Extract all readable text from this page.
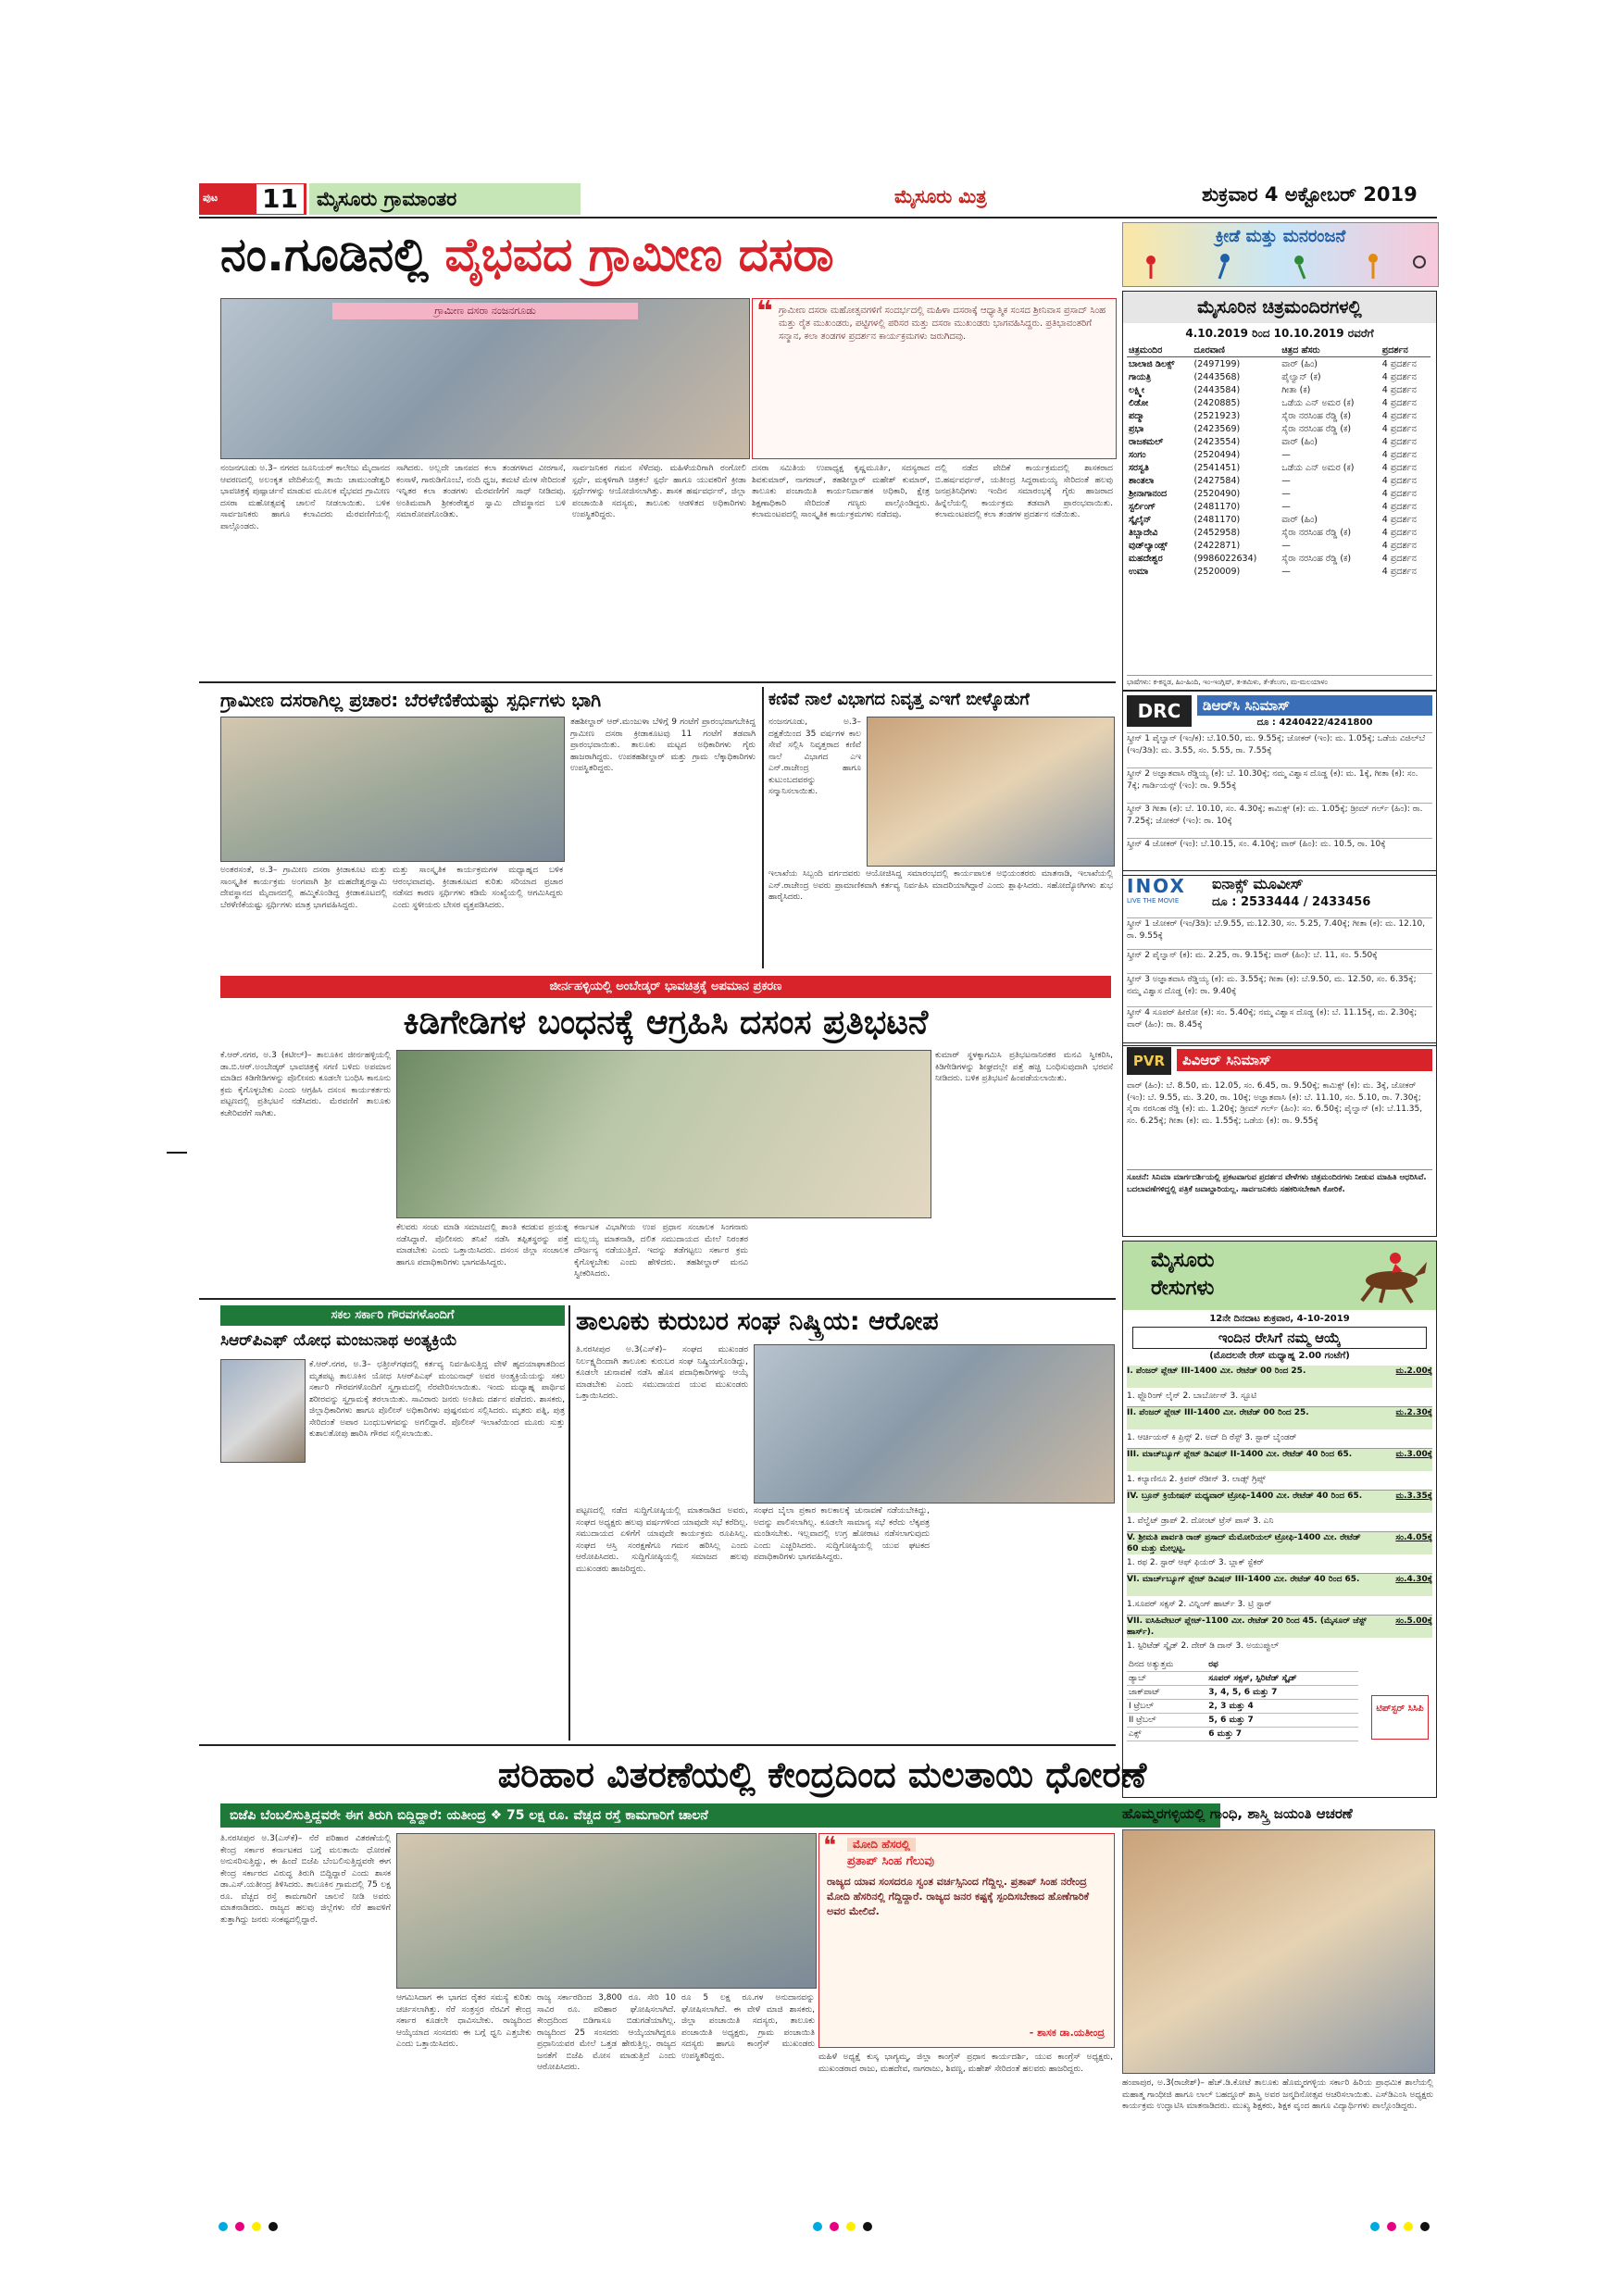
ಪುಟ 11 ಮೈಸೂರು ಗ್ರಾಮಾಂತರ	ಮೈಸೂರು ಮಿತ್ರ	ಶುಕ್ರವಾರ 4 ಅಕ್ಟೋಬರ್ 2019
ನಂ.ಗೂಡಿನಲ್ಲಿ ವೈಭವದ ಗ್ರಾಮೀಣ ದಸರಾ	ಕ್ರೀಡೆ ಮತ್ತು ಮನರಂಜನೆ
ಗ್ರಾಮೀಣ ದಸರಾ ನಂಜನಗೂಡು	❝ ಗ್ರಾಮೀಣ ದಸರಾ ಮಹೋತ್ಸವಗಳಿಗೆ ಸಂದರ್ಭದಲ್ಲಿ ಮಹಿಳಾ ದಸರಾಕ್ಕೆ ಆಧ್ಯಾತ್ಮಿಕ ಸಂಸದ ಶ್ರೀನಿವಾಸ ಪ್ರಸಾದ್ ಸಿಂಹ ಮತ್ತು ರೈತ ಮುಖಂಡರು, ಪಟ್ಟಿಗಳಲ್ಲಿ ಪರಿಸರ ಮತ್ತು ದಸರಾ ಮುಖಂಡರು ಭಾಗವಹಿಸಿದ್ದರು. ಪ್ರತಿಭಾವಂತರಿಗೆ ಸನ್ಮಾನ, ಕಲಾ ತಂಡಗಳ ಪ್ರದರ್ಶನ ಕಾರ್ಯಕ್ರಮಗಳು ಜರುಗಿದವು.
ನಂಜನಗೂಡು ಅ.3– ನಗರದ ಜೂನಿಯರ್ ಕಾಲೇಜು ಮೈದಾನದ ಆವರಣದಲ್ಲಿ ಅಲಂಕೃತ ವೇದಿಕೆಯಲ್ಲಿ ತಾಯಿ ಚಾಮುಂಡೇಶ್ವರಿ ಭಾವಚಿತ್ರಕ್ಕೆ ಪುಷ್ಪಾರ್ಚನೆ ಮಾಡುವ ಮೂಲಕ ವೈಭವದ ಗ್ರಾಮೀಣ ದಸರಾ ಮಹೋತ್ಸವಕ್ಕೆ ಚಾಲನೆ ನೀಡಲಾಯಿತು. ಬಳಿಕ ಸಾರ್ವಜನಿಕರು ಹಾಗೂ ಕಲಾವಿದರು ಮೆರವಣಿಗೆಯಲ್ಲಿ ಪಾಲ್ಗೊಂಡರು.
ಸಾಗಿದರು. ಅಲ್ಲದೇ ಜಾನಪದ ಕಲಾ ತಂಡಗಳಾದ ವೀರಗಾಸೆ, ಕಂಸಾಳೆ, ಗಾರುಡಿಗೊಂಬೆ, ನಂದಿ ಧ್ವಜ, ತಮಟೆ ಮೇಳ ಸೇರಿದಂತೆ ಇನ್ನಿತರ ಕಲಾ ತಂಡಗಳು ಮೆರವಣಿಗೆಗೆ ಸಾಥ್ ನೀಡಿದವು. ಅಂತಿಮವಾಗಿ ಶ್ರೀಕಂಠೇಶ್ವರ ಸ್ವಾಮಿ ದೇವಸ್ಥಾನದ ಬಳಿ ಸಮಾರೋಪಗೊಂಡಿತು.
ಸಾರ್ವಜನಿಕರ ಗಮನ ಸೆಳೆದವು. ಮಹಿಳೆಯರಿಗಾಗಿ ರಂಗೋಲಿ ಸ್ಪರ್ಧೆ, ಮಕ್ಕಳಿಗಾಗಿ ಚಿತ್ರಕಲೆ ಸ್ಪರ್ಧೆ ಹಾಗೂ ಯುವಕರಿಗೆ ಕ್ರೀಡಾ ಸ್ಪರ್ಧೆಗಳನ್ನು ಆಯೋಜಿಸಲಾಗಿತ್ತು. ಶಾಸಕ ಹರ್ಷವರ್ಧನ್, ಜಿಲ್ಲಾ ಪಂಚಾಯಿತಿ ಸದಸ್ಯರು, ತಾಲೂಕು ಆಡಳಿತದ ಅಧಿಕಾರಿಗಳು ಉಪಸ್ಥಿತರಿದ್ದರು.
ದಸರಾ ಸಮಿತಿಯ ಉಪಾಧ್ಯಕ್ಷ ಕೃಷ್ಣಮೂರ್ತಿ, ಸದಸ್ಯರಾದ ಶಿವಕುಮಾರ್, ನಾಗರಾಜ್, ತಹಶೀಲ್ದಾರ್ ಮಹೇಶ್ ಕುಮಾರ್, ತಾಲೂಕು ಪಂಚಾಯಿತಿ ಕಾರ್ಯನಿರ್ವಾಹಕ ಅಧಿಕಾರಿ, ಕ್ಷೇತ್ರ ಶಿಕ್ಷಣಾಧಿಕಾರಿ ಸೇರಿದಂತೆ ಗಣ್ಯರು ಪಾಲ್ಗೊಂಡಿದ್ದರು. ಕಲಾಮಂಟಪದಲ್ಲಿ ಸಾಂಸ್ಕೃತಿಕ ಕಾರ್ಯಕ್ರಮಗಳು ನಡೆದವು.
ದಲ್ಲಿ ನಡೆದ ವೇದಿಕೆ ಕಾರ್ಯಕ್ರಮದಲ್ಲಿ ಶಾಸಕರಾದ ಬಿ.ಹರ್ಷವರ್ಧನ್, ಯತೀಂದ್ರ ಸಿದ್ದರಾಮಯ್ಯ ಸೇರಿದಂತೆ ಹಲವು ಜನಪ್ರತಿನಿಧಿಗಳು ಇಂದಿನ ಸಮಾರಂಭಕ್ಕೆ ಗೈರು ಹಾಜರಾದ ಹಿನ್ನೆಲೆಯಲ್ಲಿ ಕಾರ್ಯಕ್ರಮ ತಡವಾಗಿ ಪ್ರಾರಂಭವಾಯಿತು. ಕಲಾಮಂಟಪದಲ್ಲಿ ಕಲಾ ತಂಡಗಳ ಪ್ರದರ್ಶನ ನಡೆಯಿತು.
ಮೈಸೂರಿನ ಚಿತ್ರಮಂದಿರಗಳಲ್ಲಿ
4.10.2019 ರಿಂದ 10.10.2019 ರವರೆಗೆ
ಚಿತ್ರಮಂದಿರ	ದೂರವಾಣಿ	ಚಿತ್ರದ ಹೆಸರು	ಪ್ರದರ್ಶನ
ಬಾಲಾಜಿ ಡಿಲಕ್ಸ್	(2497199)	ವಾರ್ (ಹಿಂ)	4 ಪ್ರದರ್ಶನ
ಗಾಯತ್ರಿ	(2443568)	ಪೈಲ್ವಾನ್ (ಕ)	4 ಪ್ರದರ್ಶನ
ಲಕ್ಷ್ಮೀ	(2443584)	ಗೀತಾ (ಕ)	4 ಪ್ರದರ್ಶನ
ಲಿಡೋ	(2420885)	ಒಡೆಯ ಎನ್ ಅಮರ (ಕ)	4 ಪ್ರದರ್ಶನ
ಪದ್ಮಾ	(2521923)	ಸೈರಾ ನರಸಿಂಹ ರೆಡ್ಡಿ (ಕ)	4 ಪ್ರದರ್ಶನ
ಪ್ರಭಾ	(2423569)	ಸೈರಾ ನರಸಿಂಹ ರೆಡ್ಡಿ (ಕ)	4 ಪ್ರದರ್ಶನ
ರಾಜಕಮಲ್	(2423554)	ವಾರ್ (ಹಿಂ)	4 ಪ್ರದರ್ಶನ
ಸಂಗಂ	(2520494)	—	4 ಪ್ರದರ್ಶನ
ಸರಸ್ವತಿ	(2541451)	ಒಡೆಯ ಎನ್ ಅಮರ (ಕ)	4 ಪ್ರದರ್ಶನ
ಶಾಂತಲಾ	(2427584)	—	4 ಪ್ರದರ್ಶನ
ಶ್ರೀನಾಗಾನಂದ	(2520490)	—	4 ಪ್ರದರ್ಶನ
ಸ್ಟರ್ಲಿಂಗ್	(2481170)	—	4 ಪ್ರದರ್ಶನ
ಸ್ಕೈಲೈನ್	(2481170)	ವಾರ್ (ಹಿಂ)	4 ಪ್ರದರ್ಶನ
ತಿಬ್ಬಾದೇವಿ	(2452958)	ಸೈರಾ ನರಸಿಂಹ ರೆಡ್ಡಿ (ಕ)	4 ಪ್ರದರ್ಶನ
ವುಡ್‌ಲ್ಯಾಂಡ್ಸ್	(2422871)	—	4 ಪ್ರದರ್ಶನ
ಮಹದೇಶ್ವರ	(9986022634)	ಸೈರಾ ನರಸಿಂಹ ರೆಡ್ಡಿ (ಕ)	4 ಪ್ರದರ್ಶನ
ಉಮಾ	(2520009)	—	4 ಪ್ರದರ್ಶನ
ಭಾಷೆಗಳು: ಕ-ಕನ್ನಡ, ಹಿಂ-ಹಿಂದಿ, ಇಂ-ಇಂಗ್ಲಿಷ್, ತ-ತಮಿಳು, ತೆ-ತೆಲುಗು, ಮ-ಮಲಯಾಳಂ
ಗ್ರಾಮೀಣ ದಸರಾಗಿಲ್ಲ ಪ್ರಚಾರ: ಬೆರಳೆಣಿಕೆಯಷ್ಟು ಸ್ಪರ್ಧಿಗಳು ಭಾಗಿ
ತಹಶೀಲ್ದಾರ್ ಆರ್.ಮಂಜುಳಾ ಬೆಳಿಗ್ಗೆ 9 ಗಂಟೆಗೆ ಪ್ರಾರಂಭವಾಗಬೇಕಿದ್ದ ಗ್ರಾಮೀಣ ದಸರಾ ಕ್ರೀಡಾಕೂಟವು 11 ಗಂಟೆಗೆ ತಡವಾಗಿ ಪ್ರಾರಂಭವಾಯಿತು. ತಾಲೂಕು ಮಟ್ಟದ ಅಧಿಕಾರಿಗಳು ಗೈರು ಹಾಜರಾಗಿದ್ದರು. ಉಪತಹಶೀಲ್ದಾರ್ ಮತ್ತು ಗ್ರಾಮ ಲೆಕ್ಕಾಧಿಕಾರಿಗಳು ಉಪಸ್ಥಿತರಿದ್ದರು.
ಅಂತರಸಂತೆ, ಅ.3– ಗ್ರಾಮೀಣ ದಸರಾ ಕ್ರೀಡಾಕೂಟ ಮತ್ತು ಸಾಂಸ್ಕೃತಿಕ ಕಾರ್ಯಕ್ರಮ ಅಂಗವಾಗಿ ಶ್ರೀ ಮಹದೇಶ್ವರಸ್ವಾಮಿ ದೇವಸ್ಥಾನದ ಮೈದಾನದಲ್ಲಿ ಹಮ್ಮಿಕೊಂಡಿದ್ದ ಕ್ರೀಡಾಕೂಟದಲ್ಲಿ ಬೆರಳೆಣಿಕೆಯಷ್ಟು ಸ್ಪರ್ಧಿಗಳು ಮಾತ್ರ ಭಾಗವಹಿಸಿದ್ದರು.
ಮತ್ತು ಸಾಂಸ್ಕೃತಿಕ ಕಾರ್ಯಕ್ರಮಗಳ ಮಧ್ಯಾಹ್ನದ ಬಳಿಕ ಆರಂಭವಾದವು. ಕ್ರೀಡಾಕೂಟದ ಕುರಿತು ಸರಿಯಾದ ಪ್ರಚಾರ ನಡೆಸದ ಕಾರಣ ಸ್ಪರ್ಧಿಗಳು ಕಡಿಮೆ ಸಂಖ್ಯೆಯಲ್ಲಿ ಆಗಮಿಸಿದ್ದರು ಎಂದು ಸ್ಥಳೀಯರು ಬೇಸರ ವ್ಯಕ್ತಪಡಿಸಿದರು.
ಕಣಿವೆ ನಾಲೆ ವಿಭಾಗದ ನಿವೃತ್ತ ಎಇಗೆ ಬೀಳ್ಕೊಡುಗೆ
ನಂಜನಗೂಡು, ಅ.3– ದಕ್ಷತೆಯಿಂದ 35 ವರ್ಷಗಳ ಕಾಲ ಸೇವೆ ಸಲ್ಲಿಸಿ ನಿವೃತ್ತರಾದ ಕಣಿವೆ ನಾಲೆ ವಿಭಾಗದ ಎಇ ಎನ್.ರಾಜೇಂದ್ರ ಹಾಗೂ ಕುಟುಂಬದವರನ್ನು ಸನ್ಮಾನಿಸಲಾಯಿತು.
ಇಲಾಖೆಯ ಸಿಬ್ಬಂದಿ ವರ್ಗದವರು ಆಯೋಜಿಸಿದ್ದ ಸಮಾರಂಭದಲ್ಲಿ ಕಾರ್ಯಪಾಲಕ ಅಭಿಯಂತರರು ಮಾತನಾಡಿ, ಇಲಾಖೆಯಲ್ಲಿ ಎನ್.ರಾಜೇಂದ್ರ ಅವರು ಪ್ರಾಮಾಣಿಕವಾಗಿ ಕರ್ತವ್ಯ ನಿರ್ವಹಿಸಿ ಮಾದರಿಯಾಗಿದ್ದಾರೆ ಎಂದು ಶ್ಲಾಘಿಸಿದರು. ಸಹೋದ್ಯೋಗಿಗಳು ಶುಭ ಹಾರೈಸಿದರು.
DRC	ಡಿಆರ್‌ಸಿ ಸಿನಿಮಾಸ್
ದೂ : 4240422/4241800
ಸ್ಕ್ರೀನ್ 1 ಪೈಲ್ವಾನ್ (ಇಂ/ಕ): ಬೆ.10.50, ಮ. 9.55ಕ್ಕೆ; ಜೋಕರ್ (ಇಂ): ಮ. 1.05ಕ್ಕೆ; ಒಡೆಯ ವಿಜಿಲ್‌ಬೆ (ಇಂ/3ಡಿ): ಮ. 3.55, ಸಂ. 5.55, ರಾ. 7.55ಕ್ಕೆ
ಸ್ಕ್ರೀನ್ 2 ಅಜ್ಞಾತವಾಸಿ ರೆಡ್ಡಿಯ್ಯ (ಕ): ಬೆ. 10.30ಕ್ಕೆ; ನಮ್ಮ ವಿಶ್ವಾಸ ದೊಡ್ಡ (ಕ): ಮ. 1ಕ್ಕೆ, ಗೀತಾ (ಕ): ಸಂ. 7ಕ್ಕೆ; ಗಾರ್ಡಿಯನ್ಸ್ (ಇಂ): ರಾ. 9.55ಕ್ಕೆ
ಸ್ಕ್ರೀನ್ 3 ಗೀತಾ (ಕ): ಬೆ. 10.10, ಸಂ. 4.30ಕ್ಕೆ; ಕಾಮಿಕ್ಸ್ (ಕ): ಮ. 1.05ಕ್ಕೆ; ಡ್ರೀಮ್ ಗರ್ಲ್ (ಹಿಂ): ರಾ. 7.25ಕ್ಕೆ; ಜೋಕರ್ (ಇಂ): ರಾ. 10ಕ್ಕೆ
ಸ್ಕ್ರೀನ್ 4 ಜೋಕರ್ (ಇಂ): ಬೆ.10.15, ಸಂ. 4.10ಕ್ಕೆ; ವಾರ್ (ಹಿಂ): ಮ. 10.5, ರಾ. 10ಕ್ಕೆ
INOX
LIVE THE MOVIE
ಐನಾಕ್ಸ್ ಮೂವೀಸ್
ದೂ : 2533444 / 2433456
ಸ್ಕ್ರೀನ್ 1 ಜೋಕರ್ (ಇಂ/3ಡಿ): ಬೆ.9.55, ಮ.12.30, ಸಂ. 5.25, 7.40ಕ್ಕೆ; ಗೀತಾ (ಕ): ಮ. 12.10, ರಾ. 9.55ಕ್ಕೆ
ಸ್ಕ್ರೀನ್ 2 ಪೈಲ್ವಾನ್ (ಕ): ಮ. 2.25, ರಾ. 9.15ಕ್ಕೆ; ವಾರ್ (ಹಿಂ): ಬೆ. 11, ಸಂ. 5.50ಕ್ಕೆ
ಸ್ಕ್ರೀನ್ 3 ಅಜ್ಞಾತವಾಸಿ ರೆಡ್ಡಿಯ್ಯ (ಕ): ಮ. 3.55ಕ್ಕೆ; ಗೀತಾ (ಕ): ಬೆ.9.50, ಮ. 12.50, ಸಂ. 6.35ಕ್ಕೆ; ನಮ್ಮ ವಿಶ್ವಾಸ ದೊಡ್ಡ (ಕ): ರಾ. 9.40ಕ್ಕೆ
ಸ್ಕ್ರೀನ್ 4 ಸೂಪರ್ ಹೀರೋ (ಕ): ಸಂ. 5.40ಕ್ಕೆ; ನಮ್ಮ ವಿಶ್ವಾಸ ದೊಡ್ಡ (ಕ): ಬೆ. 11.15ಕ್ಕೆ, ಮ. 2.30ಕ್ಕೆ; ವಾರ್ (ಹಿಂ): ರಾ. 8.45ಕ್ಕೆ
ಜೀರ್ನಹಳ್ಳಿಯಲ್ಲಿ ಅಂಬೇಡ್ಕರ್ ಭಾವಚಿತ್ರಕ್ಕೆ ಅಪಮಾನ ಪ್ರಕರಣ
ಕಿಡಿಗೇಡಿಗಳ ಬಂಧನಕ್ಕೆ ಆಗ್ರಹಿಸಿ ದಸಂಸ ಪ್ರತಿಭಟನೆ
ಕೆ.ಆರ್.ನಗರ, ಅ.3 (ಕಟೀಲ್)– ತಾಲೂಕಿನ ಜೀರ್ನಹಳ್ಳಿಯಲ್ಲಿ ಡಾ.ಬಿ.ಆರ್.ಅಂಬೇಡ್ಕರ್ ಭಾವಚಿತ್ರಕ್ಕೆ ಸಗಣಿ ಬಳಿದು ಅಪಮಾನ ಮಾಡಿದ ಕಿಡಿಗೇಡಿಗಳನ್ನು ಪೊಲೀಸರು ಕೂಡಲೇ ಬಂಧಿಸಿ ಕಾನೂನು ಕ್ರಮ ಕೈಗೊಳ್ಳಬೇಕು ಎಂದು ಆಗ್ರಹಿಸಿ ದಸಂಸ ಕಾರ್ಯಕರ್ತರು ಪಟ್ಟಣದಲ್ಲಿ ಪ್ರತಿಭಟನೆ ನಡೆಸಿದರು. ಮೆರವಣಿಗೆ ತಾಲೂಕು ಕಚೇರಿವರೆಗೆ ಸಾಗಿತು.
ಕೆಲವರು ಸಂಚು ಮಾಡಿ ಸಮಾಜದಲ್ಲಿ ಶಾಂತಿ ಕದಡುವ ಪ್ರಯತ್ನ ನಡೆಸಿದ್ದಾರೆ. ಪೊಲೀಸರು ತನಿಖೆ ನಡೆಸಿ ತಪ್ಪಿತಸ್ಥರನ್ನು ಪತ್ತೆ ಮಾಡಬೇಕು ಎಂದು ಒತ್ತಾಯಿಸಿದರು. ದಸಂಸ ಜಿಲ್ಲಾ ಸಂಚಾಲಕ ಹಾಗೂ ಪದಾಧಿಕಾರಿಗಳು ಭಾಗವಹಿಸಿದ್ದರು.
ಕರ್ನಾಟಕ ವಿಭಾಗೀಯ ಉಪ ಪ್ರಧಾನ ಸಂಚಾಲಕ ಸಿಂಗನಾರು ಮಲ್ಲಯ್ಯ ಮಾತನಾಡಿ, ದಲಿತ ಸಮುದಾಯದ ಮೇಲೆ ನಿರಂತರ ದೌರ್ಜನ್ಯ ನಡೆಯುತ್ತಿದೆ. ಇದನ್ನು ತಡೆಗಟ್ಟಲು ಸರ್ಕಾರ ಕ್ರಮ ಕೈಗೊಳ್ಳಬೇಕು ಎಂದು ಹೇಳಿದರು. ತಹಶೀಲ್ದಾರ್ ಮನವಿ ಸ್ವೀಕರಿಸಿದರು.
ಕುಮಾರ್ ಸ್ಥಳಕ್ಕಾಗಮಿಸಿ ಪ್ರತಿಭಟನಾನಿರತರ ಮನವಿ ಸ್ವೀಕರಿಸಿ, ಕಿಡಿಗೇಡಿಗಳನ್ನು ಶೀಘ್ರದಲ್ಲೇ ಪತ್ತೆ ಹಚ್ಚಿ ಬಂಧಿಸುವುದಾಗಿ ಭರವಸೆ ನೀಡಿದರು. ಬಳಿಕ ಪ್ರತಿಭಟನೆ ಹಿಂಪಡೆಯಲಾಯಿತು.
PVR	ಪಿವಿಆರ್ ಸಿನಿಮಾಸ್
ವಾರ್ (ಹಿಂ): ಬೆ. 8.50, ಮ. 12.05, ಸಂ. 6.45, ರಾ. 9.50ಕ್ಕೆ; ಕಾಮಿಕ್ಸ್ (ಕ): ಮ. 3ಕ್ಕೆ, ಜೋಕರ್ (ಇಂ): ಬೆ. 9.55, ಮ. 3.20, ರಾ. 10ಕ್ಕೆ; ಅಜ್ಞಾತವಾಸಿ (ಕ): ಬೆ. 11.10, ಸಂ. 5.10, ರಾ. 7.30ಕ್ಕೆ; ಸೈರಾ ನರಸಿಂಹ ರೆಡ್ಡಿ (ಕ): ಮ. 1.20ಕ್ಕೆ; ಡ್ರೀಮ್ ಗರ್ಲ್ (ಹಿಂ): ಸಂ. 6.50ಕ್ಕೆ; ಪೈಲ್ವಾನ್ (ಕ): ಬೆ.11.35, ಸಂ. 6.25ಕ್ಕೆ; ಗೀತಾ (ಕ): ಮ. 1.55ಕ್ಕೆ; ಒಡೆಯ (ಕ): ರಾ. 9.55ಕ್ಕೆ
ಸೂಚನೆ: ಸಿನಿಮಾ ಮಾರ್ಗದರ್ಶಿಯಲ್ಲಿ ಪ್ರಕಟವಾಗುವ ಪ್ರದರ್ಶನ ವೇಳೆಗಳು ಚಿತ್ರಮಂದಿರಗಳು ನೀಡುವ ಮಾಹಿತಿ ಆಧರಿಸಿವೆ. ಬದಲಾವಣೆಗಳಿದ್ದಲ್ಲಿ ಪತ್ರಿಕೆ ಜವಾಬ್ದಾರಿಯಲ್ಲ. ಸಾರ್ವಜನಿಕರು ಸಹಕರಿಸಬೇಕಾಗಿ ಕೋರಿಕೆ.
ಮೈಸೂರು
ರೇಸುಗಳು
12ನೇ ದಿನದಾಟ ಶುಕ್ರವಾರ, 4-10-2019
ಇಂದಿನ ರೇಸಿಗೆ ನಮ್ಮ ಆಯ್ಕೆ
(ಮೊದಲನೇ ರೇಸ್ ಮಧ್ಯಾಹ್ನ 2.00 ಗಂಟೆಗೆ)
I. ಪೆಂಜರ್ ಪ್ಲೇಟ್ III-1400 ಮೀ. ರೇಟೆಡ್ 00 ರಿಂದ 25.	ಮ.2.00ಕ್ಕೆ
1. ಫ್ಲೊರಿಂಗ್ ಲೈನ್ 2. ಬಾರ್ಬೋನ್ 3. ಸ್ಟೂಟಿ
II. ಪೆಂಜರ್ ಪ್ಲೇಟ್ III-1400 ಮೀ. ರೇಟೆಡ್ 00 ರಿಂದ 25.	ಮ.2.30ಕ್ಕೆ
1. ಆರ್ಚಿಯನ್ ಕಿ ಪ್ರಿನ್ಸ್ 2. ಅದ್ ದಿ ರೆಸ್ಟ್ 3. ಸ್ಟಾರ್ ಬೈಂಡರ್
III. ಮಾಚ್‌ಬ್ಯೂಗ್ ಪ್ಲೇಟ್ ಡಿವಿಷನ್ II-1400 ಮೀ. ರೇಟೆಡ್ 40 ರಿಂದ 65.	ಮ.3.00ಕ್ಕೆ
1. ಕಲ್ಯಾಣಿನೂ 2. ಕ್ರಿಪರ್ ರೆಡೀನ್ 3. ಲಾಡ್ಸ್ ಗ್ರಿಪ್ಸ್
IV. ಬ್ರೂನ್ ಕ್ರಿಯೇಷನ್ ಮಧ್ಯವಾರ್ ಟ್ರೋಫಿ-1400 ಮೀ. ರೇಟೆಡ್ 40 ರಿಂದ 65.	ಮ.3.35ಕ್ಕೆ
1. ವೆಲ್ವೆಟ್ ಡ್ರಾಪ್ 2. ದೋಂಟ್ ಟ್ರೆಸ್ ಪಾಸ್ 3. ಎನಿ
V. ಶ್ರೀಮತಿ ಪಾರ್ವತಿ ರಾಜ್ ಪ್ರಸಾದ್ ಮೆಮೋರಿಯಲ್ ಟ್ರೋಫಿ-1400 ಮೀ. ರೇಟೆಡ್ 60 ಮತ್ತು ಮೇಲ್ಪಟ್ಟ.
ಸಂ.4.05ಕ್ಕೆ
1. ರಫ 2. ಸ್ಟಾರ್ ಆಫ್ ಫಿಯರ್ 3. ಬ್ಲಾಕ್ ಸ್ಟೆಕರ್
VI. ಮಾರ್ಚ್‌ಬ್ಯೂಗ್ ಪ್ಲೇಟ್ ಡಿವಿಷನ್ III-1400 ಮೀ. ರೇಟೆಡ್ 40 ರಿಂದ 65.	ಸಂ.4.30ಕ್ಕೆ
1.ಸೂಪರ್ ಸಕ್ಸಸ್ 2. ವಿನ್ನಿಂಗ್ ಹಾರ್ಟ್ 3. ಟ್ರಿ ಸ್ಟಾರ್
VII. ಐಸಿಹಿವೇಟರ್ ಪ್ಲೇಟ್-1100 ಮೀ. ರೇಟೆಡ್ 20 ರಿಂದ 45. (ಮೈಸೂರ್ ಜೆಸ್ಟ್ ಹಾರ್ಸ್).
ಸಂ.5.00ಕ್ಕೆ
1. ಸ್ಪಿರಿಟೆಡ್ ಸ್ಕೈಡ್ 2. ದೇರ್ ಡಿ ದಾನ್ 3. ಅಯುಪ್ಪುಲ್
ದಿನದ ಅತ್ಯುತ್ತಮ	ರಫ
ಡ್ಯಾಬ್	ಸೂಪರ್ ಸಕ್ಸಸ್, ಸ್ಪಿರಿಟೆಡ್ ಸ್ಕೈಡ್
ಜಾಕ್‌ಪಾಟ್	3, 4, 5, 6 ಮತ್ತು 7
I ಟ್ರೆಬಲ್	2, 3 ಮತ್ತು 4
II ಟ್ರೆಬಲ್	5, 6 ಮತ್ತು 7
ಎಕ್ಸ್	6 ಮತ್ತು 7
ಟಿಪ್‌ಸ್ಟರ್ ಸಿಸಿಪಿ
ಸಕಲ ಸರ್ಕಾರಿ ಗೌರವಗಳೊಂದಿಗೆ
ಸಿಆರ್‌ಪಿಎಫ್ ಯೋಧ ಮಂಜುನಾಥ ಅಂತ್ಯಕ್ರಿಯೆ
ಕೆ.ಆರ್.ನಗರ, ಅ.3– ಛತ್ತೀಸ್‌ಗಢದಲ್ಲಿ ಕರ್ತವ್ಯ ನಿರ್ವಹಿಸುತ್ತಿದ್ದ ವೇಳೆ ಹೃದಯಾಘಾತದಿಂದ ಮೃತಪಟ್ಟ ತಾಲೂಕಿನ ಯೋಧ ಸಿಆರ್‌ಪಿಎಫ್ ಮಂಜುನಾಥ್ ಅವರ ಅಂತ್ಯಕ್ರಿಯೆಯನ್ನು ಸಕಲ ಸರ್ಕಾರಿ ಗೌರವಗಳೊಂದಿಗೆ ಸ್ವಗ್ರಾಮದಲ್ಲಿ ನೆರವೇರಿಸಲಾಯಿತು. ಇಂದು ಮಧ್ಯಾಹ್ನ ಪಾರ್ಥಿವ ಶರೀರವನ್ನು ಸ್ವಗ್ರಾಮಕ್ಕೆ ತರಲಾಯಿತು. ಸಾವಿರಾರು ಜನರು ಅಂತಿಮ ದರ್ಶನ ಪಡೆದರು. ಶಾಸಕರು, ಜಿಲ್ಲಾಧಿಕಾರಿಗಳು ಹಾಗೂ ಪೊಲೀಸ್ ಅಧಿಕಾರಿಗಳು ಪುಷ್ಪನಮನ ಸಲ್ಲಿಸಿದರು. ಮೃತರು ಪತ್ನಿ, ಪುತ್ರ ಸೇರಿದಂತೆ ಅಪಾರ ಬಂಧುಬಳಗವನ್ನು ಅಗಲಿದ್ದಾರೆ. ಪೊಲೀಸ್ ಇಲಾಖೆಯಿಂದ ಮೂರು ಸುತ್ತು ಕುಶಾಲತೋಪು ಹಾರಿಸಿ ಗೌರವ ಸಲ್ಲಿಸಲಾಯಿತು.
ತಾಲೂಕು ಕುರುಬರ ಸಂಘ ನಿಷ್ಕ್ರಿಯ: ಆರೋಪ
ತಿ.ನರಸೀಪುರ ಅ.3(ಎಸ್‌ಕೆ)– ಸಂಘದ ಮುಖಂಡರ ನಿರ್ಲಕ್ಷ್ಯದಿಂದಾಗಿ ತಾಲೂಕು ಕುರುಬರ ಸಂಘ ನಿಷ್ಕ್ರಿಯಗೊಂಡಿದ್ದು, ಕೂಡಲೇ ಚುನಾವಣೆ ನಡೆಸಿ ಹೊಸ ಪದಾಧಿಕಾರಿಗಳನ್ನು ಆಯ್ಕೆ ಮಾಡಬೇಕು ಎಂದು ಸಮುದಾಯದ ಯುವ ಮುಖಂಡರು ಒತ್ತಾಯಿಸಿದರು.
ಪಟ್ಟಣದಲ್ಲಿ ನಡೆದ ಸುದ್ದಿಗೋಷ್ಠಿಯಲ್ಲಿ ಮಾತನಾಡಿದ ಅವರು, ಸಂಘದ ಅಧ್ಯಕ್ಷರು ಹಲವು ವರ್ಷಗಳಿಂದ ಯಾವುದೇ ಸಭೆ ಕರೆದಿಲ್ಲ. ಸಮುದಾಯದ ಏಳಿಗೆಗೆ ಯಾವುದೇ ಕಾರ್ಯಕ್ರಮ ರೂಪಿಸಿಲ್ಲ. ಸಂಘದ ಆಸ್ತಿ ಸಂರಕ್ಷಣೆಗೂ ಗಮನ ಹರಿಸಿಲ್ಲ ಎಂದು ಆರೋಪಿಸಿದರು. ಸುದ್ದಿಗೋಷ್ಠಿಯಲ್ಲಿ ಸಮಾಜದ ಹಲವು ಮುಖಂಡರು ಹಾಜರಿದ್ದರು.
ಸಂಘದ ಬೈಲಾ ಪ್ರಕಾರ ಕಾಲಕಾಲಕ್ಕೆ ಚುನಾವಣೆ ನಡೆಯಬೇಕಿದ್ದು, ಅದನ್ನು ಪಾಲಿಸಲಾಗಿಲ್ಲ. ಕೂಡಲೇ ಸಾಮಾನ್ಯ ಸಭೆ ಕರೆದು ಲೆಕ್ಕಪತ್ರ ಮಂಡಿಸಬೇಕು. ಇಲ್ಲವಾದಲ್ಲಿ ಉಗ್ರ ಹೋರಾಟ ನಡೆಸಲಾಗುವುದು ಎಂದು ಎಚ್ಚರಿಸಿದರು. ಸುದ್ದಿಗೋಷ್ಠಿಯಲ್ಲಿ ಯುವ ಘಟಕದ ಪದಾಧಿಕಾರಿಗಳು ಭಾಗವಹಿಸಿದ್ದರು.
ಪರಿಹಾರ ವಿತರಣೆಯಲ್ಲಿ ಕೇಂದ್ರದಿಂದ ಮಲತಾಯಿ ಧೋರಣೆ
ಬಿಜೆಪಿ ಬೆಂಬಲಿಸುತ್ತಿದ್ದವರೇ ಈಗ ತಿರುಗಿ ಬಿದ್ದಿದ್ದಾರೆ: ಯತೀಂದ್ರ ❖ 75 ಲಕ್ಷ ರೂ. ವೆಚ್ಚದ ರಸ್ತೆ ಕಾಮಗಾರಿಗೆ ಚಾಲನೆ
ತಿ.ನರಸೀಪುರ ಅ.3(ಎಸ್‌ಕೆ)– ನೆರೆ ಪರಿಹಾರ ವಿತರಣೆಯಲ್ಲಿ ಕೇಂದ್ರ ಸರ್ಕಾರ ಕರ್ನಾಟಕದ ಬಗ್ಗೆ ಮಲತಾಯಿ ಧೋರಣೆ ಅನುಸರಿಸುತ್ತಿದ್ದು, ಈ ಹಿಂದೆ ಬಿಜೆಪಿ ಬೆಂಬಲಿಸುತ್ತಿದ್ದವರೇ ಈಗ ಕೇಂದ್ರ ಸರ್ಕಾರದ ವಿರುದ್ಧ ತಿರುಗಿ ಬಿದ್ದಿದ್ದಾರೆ ಎಂದು ಶಾಸಕ ಡಾ.ಎಸ್.ಯತೀಂದ್ರ ತಿಳಿಸಿದರು. ತಾಲೂಕಿನ ಗ್ರಾಮದಲ್ಲಿ 75 ಲಕ್ಷ ರೂ. ವೆಚ್ಚದ ರಸ್ತೆ ಕಾಮಗಾರಿಗೆ ಚಾಲನೆ ನೀಡಿ ಅವರು ಮಾತನಾಡಿದರು. ರಾಜ್ಯದ ಹಲವು ಜಿಲ್ಲೆಗಳು ನೆರೆ ಹಾವಳಿಗೆ ತುತ್ತಾಗಿದ್ದು ಜನರು ಸಂಕಷ್ಟದಲ್ಲಿದ್ದಾರೆ.
ಆಗಮಿಸಿದಾಗ ಈ ಭಾಗದ ರೈತರ ಸಮಸ್ಯೆ ಕುರಿತು ಚರ್ಚಿಸಲಾಗಿತ್ತು. ನೆರೆ ಸಂತ್ರಸ್ತರ ನೆರವಿಗೆ ಕೇಂದ್ರ ಸರ್ಕಾರ ಕೂಡಲೇ ಧಾವಿಸಬೇಕು. ರಾಜ್ಯದಿಂದ ಆಯ್ಕೆಯಾದ ಸಂಸದರು ಈ ಬಗ್ಗೆ ಧ್ವನಿ ಎತ್ತಬೇಕು ಎಂದು ಒತ್ತಾಯಿಸಿದರು.
ರಾಜ್ಯ ಸರ್ಕಾರದಿಂದ 3,800 ರೂ. ಸೇರಿ 10 ಸಾವಿರ ರೂ. ಪರಿಹಾರ ಘೋಷಿಸಲಾಗಿದೆ. ಕೇಂದ್ರದಿಂದ ಬಿಡಿಗಾಸೂ ಬಿಡುಗಡೆಯಾಗಿಲ್ಲ. ರಾಜ್ಯದಿಂದ 25 ಸಂಸದರು ಆಯ್ಕೆಯಾಗಿದ್ದರೂ ಪ್ರಧಾನಿಯವರ ಮೇಲೆ ಒತ್ತಡ ಹೇರುತ್ತಿಲ್ಲ. ರಾಜ್ಯದ ಜನತೆಗೆ ಬಿಜೆಪಿ ಮೋಸ ಮಾಡುತ್ತಿದೆ ಎಂದು ಆರೋಪಿಸಿದರು.
ರೂ 5 ಲಕ್ಷ ರೂ.ಗಳ ಅನುದಾನವನ್ನು ಘೋಷಿಸಲಾಗಿದೆ. ಈ ವೇಳೆ ಮಾಜಿ ಶಾಸಕರು, ಜಿಲ್ಲಾ ಪಂಚಾಯಿತಿ ಸದಸ್ಯರು, ತಾಲೂಕು ಪಂಚಾಯಿತಿ ಅಧ್ಯಕ್ಷರು, ಗ್ರಾಮ ಪಂಚಾಯಿತಿ ಸದಸ್ಯರು ಹಾಗೂ ಕಾಂಗ್ರೆಸ್ ಮುಖಂಡರು ಉಪಸ್ಥಿತರಿದ್ದರು.
❝	ಮೋದಿ ಹೆಸರಲ್ಲಿ
ಪ್ರತಾಪ್ ಸಿಂಹ ಗೆಲುವು
ರಾಜ್ಯದ ಯಾವ ಸಂಸದರೂ ಸ್ವಂತ ವರ್ಚಸ್ಸಿನಿಂದ ಗೆದ್ದಿಲ್ಲ. ಪ್ರತಾಪ್ ಸಿಂಹ ನರೇಂದ್ರ ಮೋದಿ ಹೆಸರಿನಲ್ಲಿ ಗೆದ್ದಿದ್ದಾರೆ. ರಾಜ್ಯದ ಜನರ ಕಷ್ಟಕ್ಕೆ ಸ್ಪಂದಿಸಬೇಕಾದ ಹೊಣೆಗಾರಿಕೆ ಅವರ ಮೇಲಿದೆ.
- ಶಾಸಕ ಡಾ.ಯತೀಂದ್ರ
ಮಹಿಳೆ ಅಧ್ಯಕ್ಷೆ ಕುಸ್ಕ ಭಾಗ್ಯಮ್ಮ, ಜಿಲ್ಲಾ ಕಾಂಗ್ರೆಸ್ ಪ್ರಧಾನ ಕಾರ್ಯದರ್ಶಿ, ಯುವ ಕಾಂಗ್ರೆಸ್ ಅಧ್ಯಕ್ಷರು, ಮುಖಂಡರಾದ ರಾಜು, ಮಹದೇವ, ನಾಗರಾಜು, ಶಿವಣ್ಣ, ಮಹೇಶ್ ಸೇರಿದಂತೆ ಹಲವರು ಹಾಜರಿದ್ದರು.
ಹೊಮ್ಮರಗಳ್ಳಿಯಲ್ಲಿ ಗಾಂಧಿ, ಶಾಸ್ತ್ರಿ ಜಯಂತಿ ಆಚರಣೆ
ಹಂಪಾಪುರ, ಅ.3(ರಾಜೇಶ್)– ಹೆಚ್.ಡಿ.ಕೋಟೆ ತಾಲೂಕು ಹೊಮ್ಮರಗಳ್ಳಿಯ ಸರ್ಕಾರಿ ಹಿರಿಯ ಪ್ರಾಥಮಿಕ ಶಾಲೆಯಲ್ಲಿ ಮಹಾತ್ಮ ಗಾಂಧೀಜಿ ಹಾಗೂ ಲಾಲ್ ಬಹದ್ದೂರ್ ಶಾಸ್ತ್ರಿ ಅವರ ಜನ್ಮದಿನೋತ್ಸವ ಆಚರಿಸಲಾಯಿತು. ಎಸ್‌ಡಿಎಂಸಿ ಅಧ್ಯಕ್ಷರು ಕಾರ್ಯಕ್ರಮ ಉದ್ಘಾಟಿಸಿ ಮಾತನಾಡಿದರು. ಮುಖ್ಯ ಶಿಕ್ಷಕರು, ಶಿಕ್ಷಕ ವೃಂದ ಹಾಗೂ ವಿದ್ಯಾರ್ಥಿಗಳು ಪಾಲ್ಗೊಂಡಿದ್ದರು.
